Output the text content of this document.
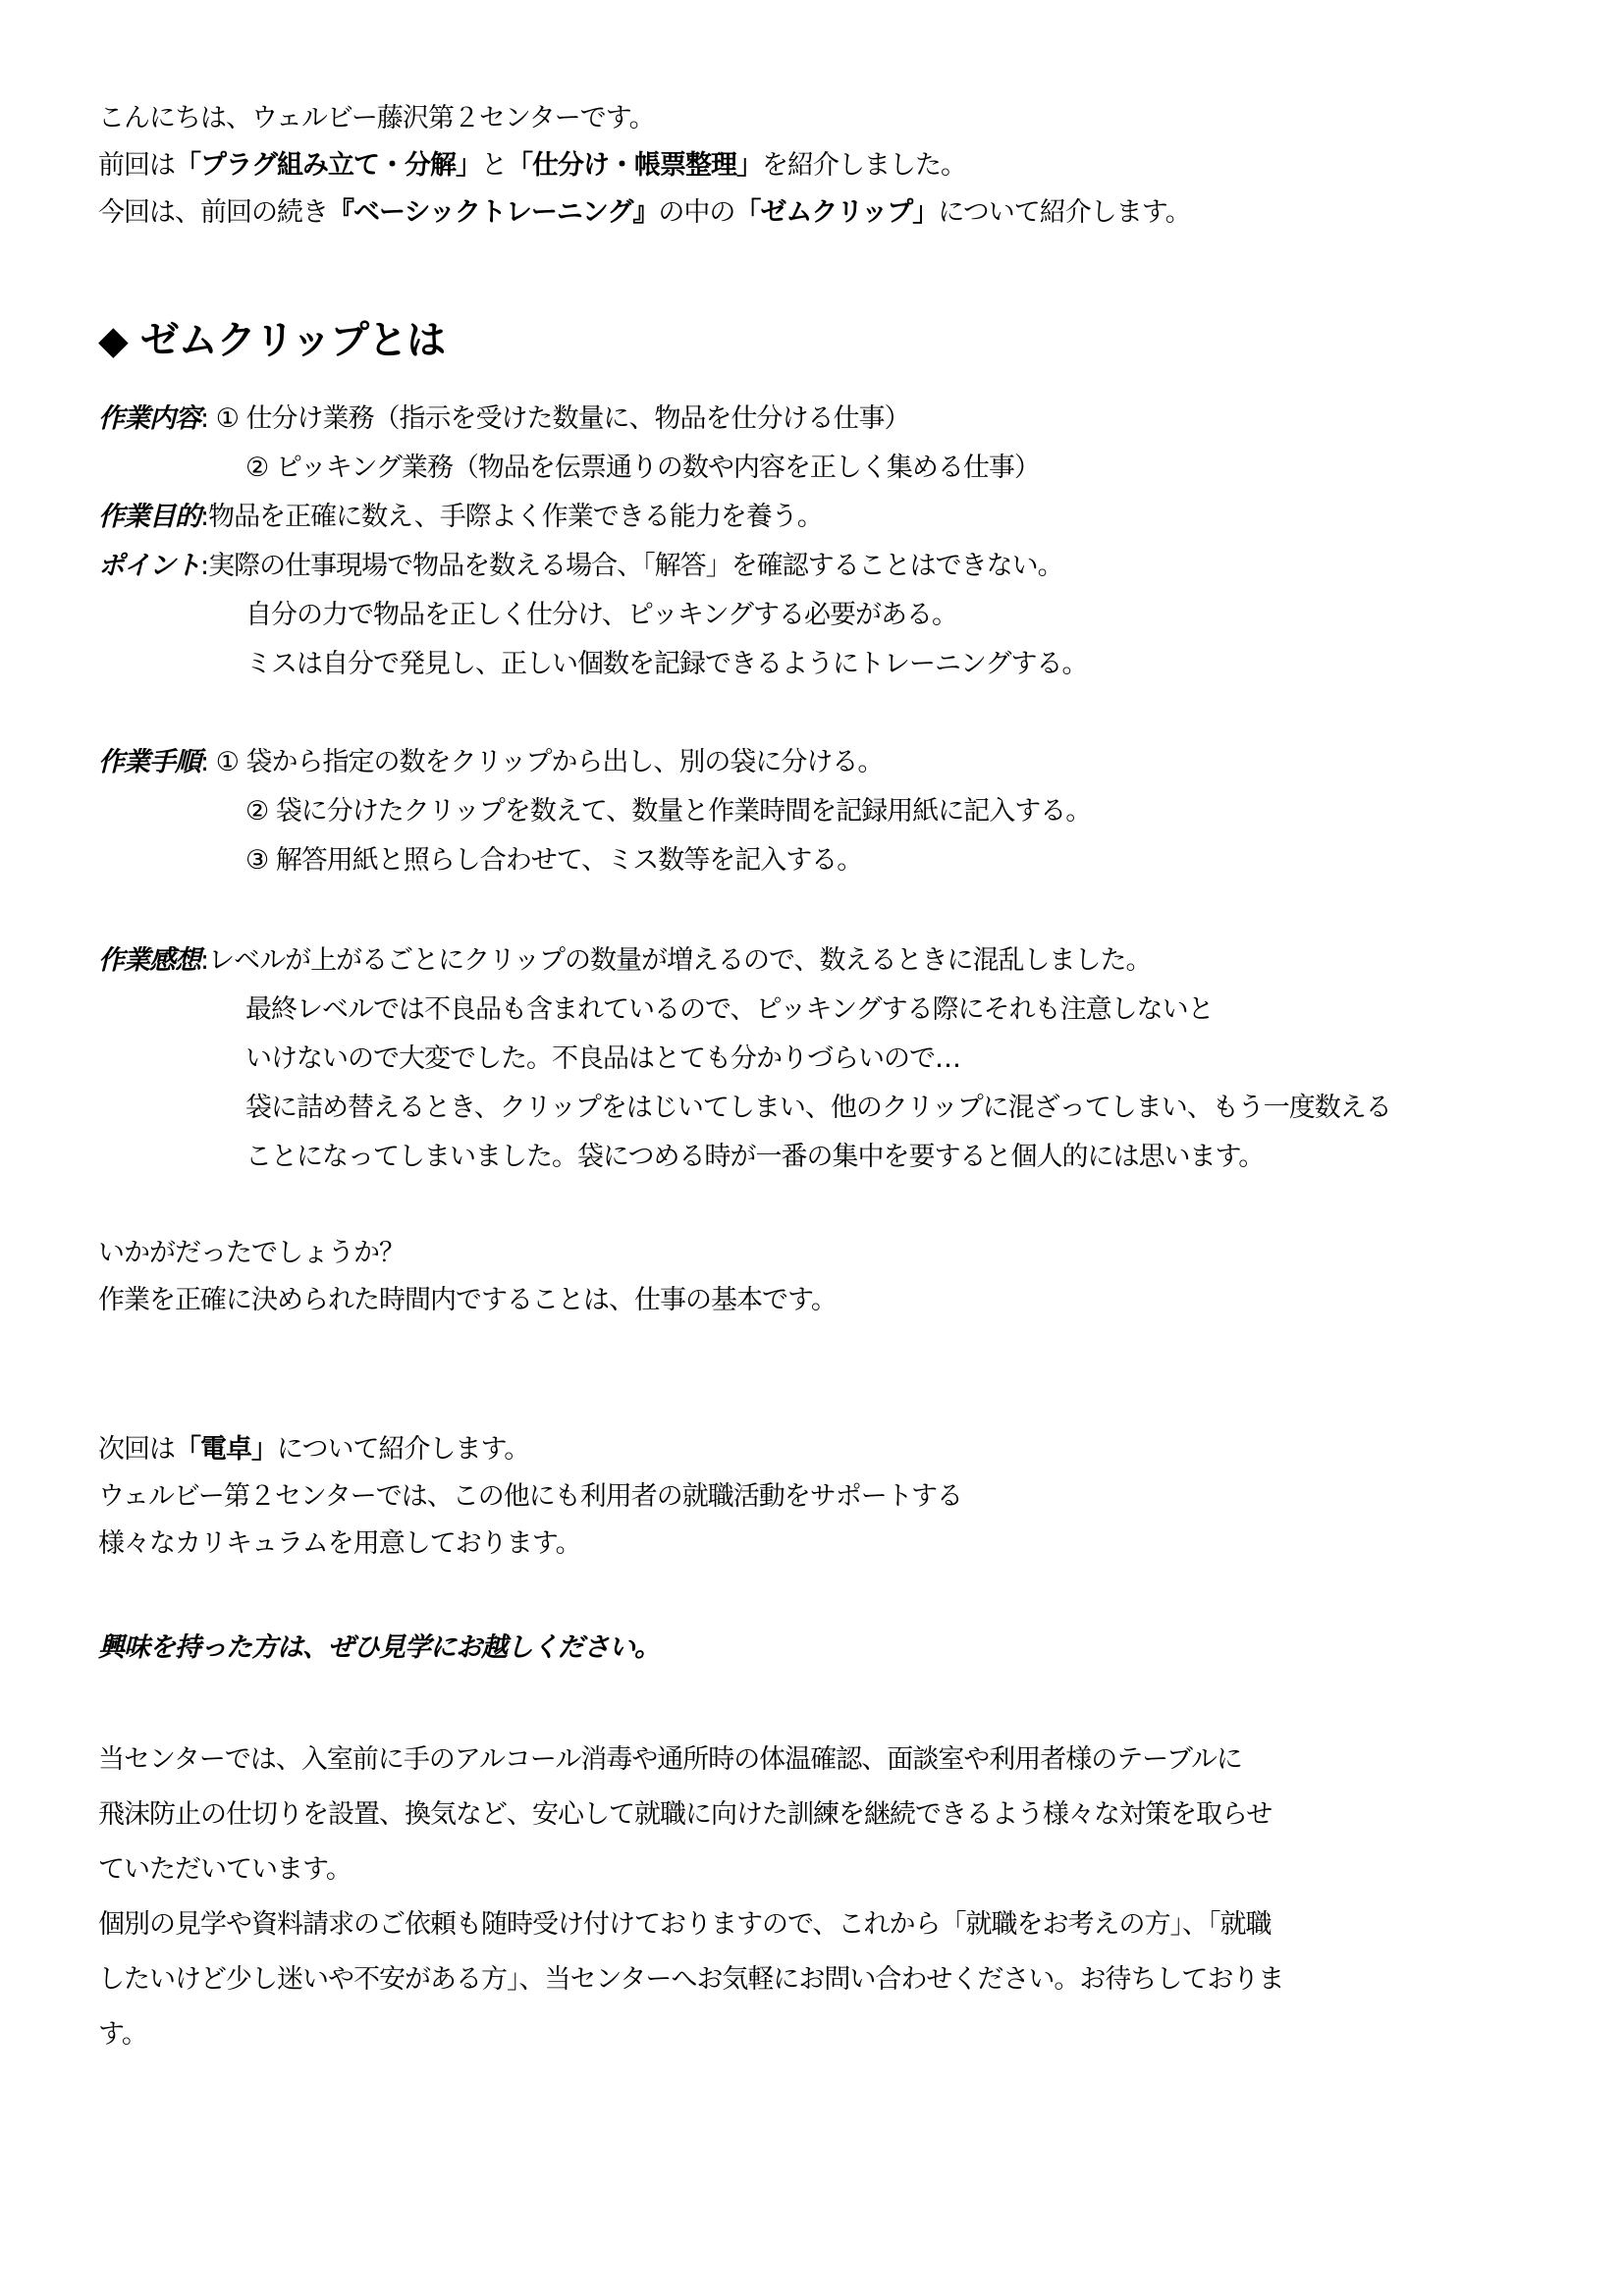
こんにちは、ウェルビー藤沢第２センターです。
前回は「プラグ組み立て・分解」と「仕分け・帳票整理」を紹介しました。
今回は、前回の続き『ベーシックトレーニング』の中の「ゼムクリップ」について紹介します。
◆ ゼムクリップとは
作業内容: ① 仕分け業務（指示を受けた数量に、物品を仕分ける仕事）
② ピッキング業務（物品を伝票通りの数や内容を正しく集める仕事）
作業目的:物品を正確に数え、手際よく作業できる能力を養う。
ポイント:実際の仕事現場で物品を数える場合、「解答」を確認することはできない。
自分の力で物品を正しく仕分け、ピッキングする必要がある。
ミスは自分で発見し、正しい個数を記録できるようにトレーニングする。
作業手順: ① 袋から指定の数をクリップから出し、別の袋に分ける。
② 袋に分けたクリップを数えて、数量と作業時間を記録用紙に記入する。
③ 解答用紙と照らし合わせて、ミス数等を記入する。
作業感想:レベルが上がるごとにクリップの数量が増えるので、数えるときに混乱しました。
最終レベルでは不良品も含まれているので、ピッキングする際にそれも注意しないと
いけないので大変でした。不良品はとても分かりづらいので…
袋に詰め替えるとき、クリップをはじいてしまい、他のクリップに混ざってしまい、もう一度数える
ことになってしまいました。袋につめる時が一番の集中を要すると個人的には思います。
いかがだったでしょうか？
作業を正確に決められた時間内ですることは、仕事の基本です。
次回は「電卓」について紹介します。
ウェルビー第２センターでは、この他にも利用者の就職活動をサポートする
様々なカリキュラムを用意しております。
興味を持った方は、ぜひ見学にお越しください。
当センターでは、入室前に手のアルコール消毒や通所時の体温確認、面談室や利用者様のテーブルに
飛沫防止の仕切りを設置、換気など、安心して就職に向けた訓練を継続できるよう様々な対策を取らせ
ていただいています。
個別の見学や資料請求のご依頼も随時受け付けておりますので、これから「就職をお考えの方」、「就職
したいけど少し迷いや不安がある方」、当センターへお気軽にお問い合わせください。お待ちしておりま
す。
